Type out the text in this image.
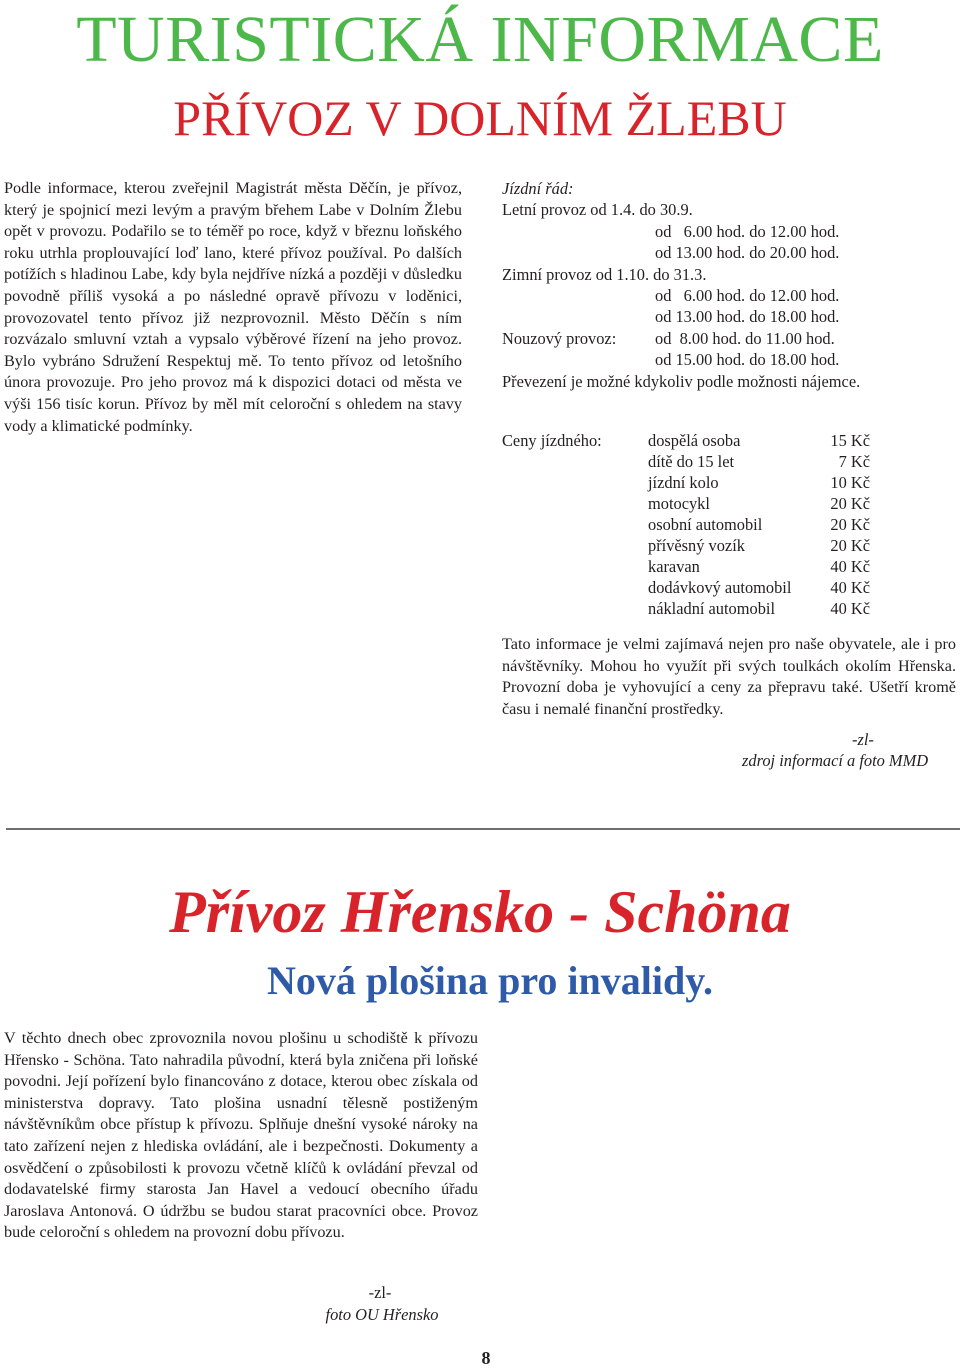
TURISTICKÁ INFORMACE
PŘÍVOZ V DOLNÍM ŽLEBU

Podle informace, kterou zveřejnil Magistrát města Děčín, je přívoz, který je spojnicí mezi levým a pravým břehem Labe v Dolním Žlebu opět v provozu. Podařilo se to téměř po roce, když v březnu loňského roku utrhla proplouvající loď lano, které přívoz používal. Po dalších potížích s hladinou Labe, kdy byla nejdříve nízká a později v důsledku povodně příliš vysoká a po následné opravě přívozu v loděnici, provozovatel tento přívoz již nezprovoznil. Město Děčín s ním rozvázalo smluvní vztah a vypsalo výběrové řízení na jeho provoz. Bylo vybráno Sdružení Respektuj mě. To tento přívoz od letošního února provozuje. Pro jeho provoz má k dispozici dotaci od města ve výši 156 tisíc korun. Přívoz by měl mít celoroční s ohledem na stavy vody a klimatické podmínky.

Jízdní řád:
Letní provoz od 1.4. do 30.9.
od   6.00 hod. do 12.00 hod.
od 13.00 hod. do 20.00 hod.
Zimní provoz od 1.10. do 31.3.
od   6.00 hod. do 12.00 hod.
od 13.00 hod. do 18.00 hod.
Nouzový provoz: od  8.00 hod. do 11.00 hod.
od 15.00 hod. do 18.00 hod.
Převezení je možné kdykoliv podle možnosti nájemce.
Ceny jízdného:	dospělá osoba	15 Kč
	dítě do 15 let	7 Kč
	jízdní kolo	10 Kč
	motocykl	20 Kč
	osobní automobil	20 Kč
	přívěsný vozík	20 Kč
	karavan	40 Kč
	dodávkový automobil	40 Kč
	nákladní automobil	40 Kč

Tato informace je velmi zajímavá nejen pro naše obyvatele, ale i pro návštěvníky. Mohou ho využít při svých toulkách okolím Hřenska. Provozní doba je vyhovující a ceny za přepravu také. Ušetří kromě času i nemalé finanční prostředky.

-zl-
zdroj informací a foto MMD
Přívoz Hřensko - Schöna
Nová plošina pro invalidy.

V těchto dnech obec zprovoznila novou plošinu u schodiště k přívozu Hřensko - Schöna. Tato nahradila původní, která byla zničena při loňské povodni. Její pořízení bylo financováno z dotace, kterou obec získala od ministerstva dopravy. Tato plošina usnadní tělesně postiženým návštěvníkům obce přístup k přívozu. Splňuje dnešní vysoké nároky na tato zařízení nejen z hlediska ovládání, ale i bezpečnosti. Dokumenty a osvědčení o způsobilosti k provozu včetně klíčů k ovládání převzal od dodavatelské firmy starosta Jan Havel a vedoucí obecního úřadu Jaroslava Antonová. O údržbu se budou starat pracovníci obce. Provoz bude celoroční s ohledem na provozní dobu přívozu.

-zl-
foto OU Hřensko
8
